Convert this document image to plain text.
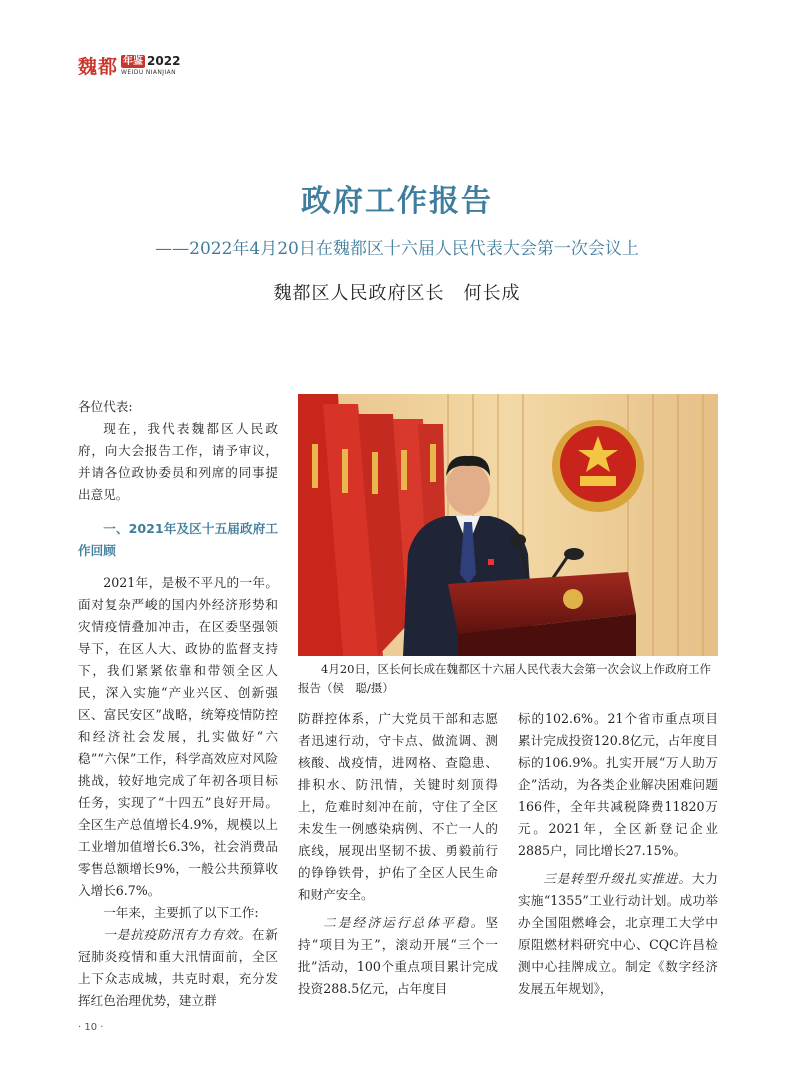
魏都 年鉴 2022
WEIDU NIANJIAN
政府工作报告
——2022年4月20日在魏都区十六届人民代表大会第一次会议上
魏都区人民政府区长　何长成

各位代表:

现在，我代表魏都区人民政府，向大会报告工作，请予审议，并请各位政协委员和列席的同事提出意见。

一、2021年及区十五届政府工作回顾

2021年，是极不平凡的一年。面对复杂严峻的国内外经济形势和灾情疫情叠加冲击，在区委坚强领导下，在区人大、政协的监督支持下，我们紧紧依靠和带领全区人民，深入实施“产业兴区、创新强区、富民安区”战略，统筹疫情防控和经济社会发展，扎实做好“六稳”“六保”工作，科学高效应对风险挑战，较好地完成了年初各项目标任务，实现了“十四五”良好开局。全区生产总值增长4.9%，规模以上工业增加值增长6.3%，社会消费品零售总额增长9%，一般公共预算收入增长6.7%。

一年来，主要抓了以下工作:

一是抗疫防汛有力有效。在新冠肺炎疫情和重大汛情面前，全区上下众志成城，共克时艰，充分发挥红色治理优势，建立群

4月20日，区长何长成在魏都区十六届人民代表大会第一次会议上作政府工作报告（侯　聪/摄）

防群控体系，广大党员干部和志愿者迅速行动，守卡点、做流调、测核酸、战疫情，进网格、查隐患、排积水、防汛情，关键时刻顶得上，危难时刻冲在前，守住了全区未发生一例感染病例、不亡一人的底线，展现出坚韧不拔、勇毅前行的铮铮铁骨，护佑了全区人民生命和财产安全。

二是经济运行总体平稳。坚持“项目为王”，滚动开展“三个一批”活动，100个重点项目累计完成投资288.5亿元，占年度目

标的102.6%。21个省市重点项目累计完成投资120.8亿元，占年度目标的106.9%。扎实开展“万人助万企”活动，为各类企业解决困难问题166件，全年共减税降费11820万元。2021年，全区新登记企业2885户，同比增长27.15%。

三是转型升级扎实推进。大力实施“1355”工业行动计划。成功举办全国阻燃峰会，北京理工大学中原阻燃材料研究中心、CQC许昌检测中心挂牌成立。制定《数字经济发展五年规划》，

· 10 ·
